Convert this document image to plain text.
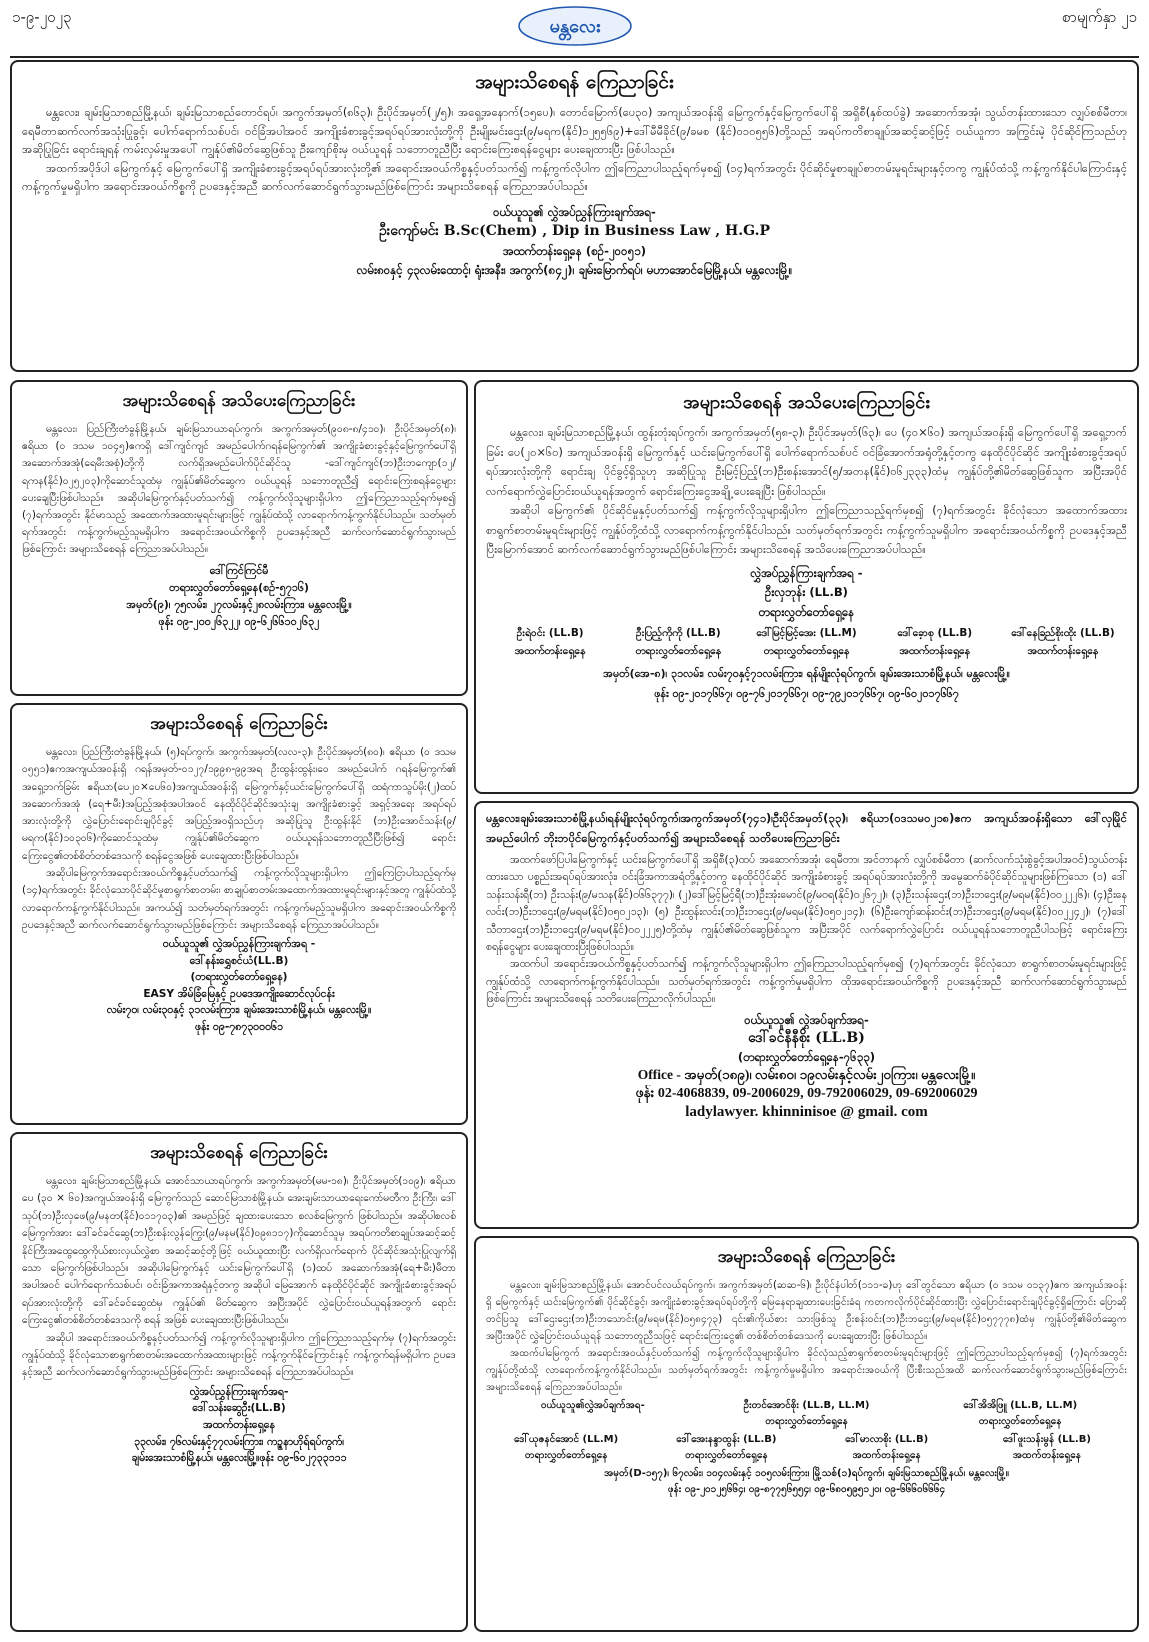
၁-၉-၂၀၂၃	မန္တလေး	စာမျက်နှာ ၂၁
အများသိစေရန် ကြေညာခြင်း

မန္တလေး၊ ချမ်းမြသာစည်မြို့နယ်၊ ချမ်းမြသာစည်တောင်ရပ်၊ အကွက်အမှတ်(၈၆၃)၊ ဦးပိုင်အမှတ်(၂/၅)၊ အရှေ့အနောက်(၁၅ပေ)၊ တောင်မြောက်(ပေ၃၀) အကျယ်အဝန်းရှိ မြေကွက်နှင့်မြေကွက်ပေါ်ရှိ အရှိစီ(နှစ်ထပ်ခွဲ) အဆောက်အအုံ၊ သွယ်တန်းထားသော လျှပ်စစ်မီတာ၊ ရေမီတာဆက်လက်အသုံးပြုခွင့်၊ ပေါက်ရောက်သစ်ပင်၊ ဝင်ခြံအပါအဝင် အကျိုးခံစားခွင့်အရပ်ရပ်အားလုံးတို့ကို ဦးမျိုးမင်းဌေး(၉/မရက(နိုင်)၁၂၅၅၆၉)+ဒေါ်မီမီခိုင်(၉/ခမစ (နိုင်)၀၁၀၅၅၆)တို့သည် အရပ်ကတိစာချုပ်အဆင့်ဆင့်ဖြင့် ဝယ်ယူကာ အကြွင်းမဲ့ ပိုင်ဆိုင်ကြသည်ဟု အဆိုပြုခြင်း ရောင်းချရန် ကမ်းလှမ်းမှုအပေါ် ကျွန်ုပ်၏မိတ်ဆွေဖြစ်သူ ဦးကျော်စိုးမှ ဝယ်ယူရန် သဘောတူညီပြီး ရောင်းကြေးစရန်ငွေများ ပေးချေထားပြီး ဖြစ်ပါသည်။

အထက်အပိုဒ်ပါ မြေကွက်နှင့် မြေကွက်ပေါ်ရှိ အကျိုးခံစားခွင့်အရပ်ရပ်အားလုံးတို့၏ အရောင်းအဝယ်ကိစ္စနှင့်ပတ်သက်၍ ကန့်ကွက်လိုပါက ဤကြေညာပါသည့်ရက်မှစ၍ (၁၄)ရက်အတွင်း ပိုင်ဆိုင်မှုစာချုပ်စာတမ်းမူရင်းများနှင့်တကွ ကျွန်ုပ်ထံသို့ ကန့်ကွက်နိုင်ပါကြောင်းနှင့် ကန့်ကွက်မှုမရှိပါက အရောင်းအဝယ်ကိစ္စကို ဥပဒေနှင့်အညီ ဆက်လက်ဆောင်ရွက်သွားမည်ဖြစ်ကြောင်း အများသိစေရန် ကြေညာအပ်ပါသည်။

ဝယ်ယူသူ၏ လွှဲအပ်ညွှန်ကြားချက်အရ-
ဦးကျော်မင်း B.Sc(Chem) , Dip in Business Law , H.G.P
အထက်တန်းရှေ့နေ (စဉ်-၂၀၀၅၁)
လမ်း၈၀နှင့် ၄၃လမ်းထောင့်၊ ရုံးအနီး၊ အကွက်(၈၄၂)၊ ချမ်းမြောက်ရပ်၊ မဟာအောင်မြေမြို့နယ်၊ မန္တလေးမြို့။
အများသိစေရန် အသိပေးကြေညာခြင်း

မန္တလေး၊ ပြည်ကြီးတံခွန်မြို့နယ်၊ ချမ်းမြသာယာရပ်ကွက်၊ အကွက်အမှတ်(၉၀၈-၈/၄၁၀)၊ ဦးပိုင်အမှတ်(၈)၊ ဧရိယာ (၀ ဒသမ ၁၀၄၅)ဧကရှိ ဒေါ်ကျင်ကျင် အမည်ပေါက်ဂရန်မြေကွက်၏ အကျိုးခံစားခွင့်နှင့်မြေကွက်ပေါ်ရှိ အဆောက်အအုံ(ရေမီးအစုံ)တို့ကို လက်ရှိအမည်ပေါက်ပိုင်ဆိုင်သူ -ဒေါ်ကျင်ကျင်(ဘ)ဦးဘကျော(၁၂/ရကန(နိုင်)၀၂၅၂၀၃)ကိုဆောင်သူထံမှ ကျွန်ုပ်၏မိတ်ဆွေက ဝယ်ယူရန် သဘောတူညီ၍ ရောင်းကြေးစရန်ငွေများ ပေးချေပြီးဖြစ်ပါသည်။ အဆိုပါမြေကွက်နှင့်ပတ်သက်၍ ကန့်ကွက်လိုသူများရှိပါက ဤကြေညာသည့်ရက်မှစ၍ (၇)ရက်အတွင်း နိုင်မာသည့် အထောက်အထားမူရင်းများဖြင့် ကျွန်ုပ်ထံသို့ လာရောက်ကန့်ကွက်နိုင်ပါသည်။ သတ်မှတ်ရက်အတွင်း ကန့်ကွက်မည့်သူမရှိပါက အရောင်းအဝယ်ကိစ္စကို ဥပဒေနှင့်အညီ ဆက်လက်ဆောင်ရွက်သွားမည်ဖြစ်ကြောင်း အများသိစေရန် ကြေညာအပ်ပါသည်။

ဒေါ်ကြင်ကြင်မီ
တရားလွှတ်တော်ရှေ့နေ(စဉ်-၅၇၁၆)
အမှတ်(၉)၊ ၇၅လမ်း၊ ၂၇လမ်းနှင့်၂၈လမ်းကြား၊ မန္တလေးမြို့။
ဖုန်း ၀၉-၂၀၀၂၆၃၂၂၊ ၀၉-၆၂၆၆၁၀၂၆၃၂
အများသိစေရန် အသိပေးကြေညာခြင်း

မန္တလေး၊ ချမ်းမြသာစည်မြို့နယ်၊ ထွန်းတုံးရပ်ကွက်၊ အကွက်အမှတ်(၅၈-၃)၊ ဦးပိုင်အမှတ်(၆၃)၊ ပေ (၄၀×၆၀) အကျယ်အဝန်းရှိ မြေကွက်ပေါ်ရှိ အရှေ့ဘက်ခြမ်း ပေ(၂၀×၆၀) အကျယ်အဝန်းရှိ မြေကွက်နှင့် ယင်းမြေကွက်ပေါ်ရှိ ပေါက်ရောက်သစ်ပင် ဝင်ခြံအောက်အရုံတို့နှင့်တကွ နေထိုင်ပိုင်ဆိုင် အကျိုးခံစားခွင့်အရပ်ရပ်အားလုံးတို့ကို ရောင်းချ ပိုင်ခွင့်ရှိသူဟု အဆိုပြုသူ ဦးမြင့်ပြည့်(ဘ)ဦးစန်းအောင်(၅/အတန(နိုင်)၀၆၂၃၃၃)ထံမှ ကျွန်ုပ်တို့၏မိတ်ဆွေဖြစ်သူက အပြီးအပိုင် လက်ရောက်လွှဲပြောင်းဝယ်ယူရန်အတွက် ရောင်းကြေးငွေအချို့ ပေးချေပြီး ဖြစ်ပါသည်။

အဆိုပါ မြေကွက်၏ ပိုင်ဆိုင်မှုနှင့်ပတ်သက်၍ ကန့်ကွက်လိုသူများရှိပါက ဤကြေညာသည့်ရက်မှစ၍ (၇)ရက်အတွင်း ခိုင်လုံသော အထောက်အထား စာရွက်စာတမ်းမူရင်းများဖြင့် ကျွန်ုပ်တို့ထံသို့ လာရောက်ကန့်ကွက်နိုင်ပါသည်။ သတ်မှတ်ရက်အတွင်း ကန့်ကွက်သူမရှိပါက အရောင်းအဝယ်ကိစ္စကို ဥပဒေနှင့်အညီ ပြီးမြောက်အောင် ဆက်လက်ဆောင်ရွက်သွားမည်ဖြစ်ပါကြောင်း အများသိစေရန် အသိပေးကြေညာအပ်ပါသည်။

လွှဲအပ်ညွှန်ကြားချက်အရ -
ဦးလှဘုန်း (LL.B)
တရားလွှတ်တော်ရှေ့နေ
ဦးရဲဝင်း (LL.B)
အထက်တန်းရှေ့နေ
ဦးပြည့်ကိုကို (LL.B)
တရားလွှတ်တော်ရှေ့နေ
ဒေါ်မြင့်မြင့်အေး (LL.M)
တရားလွှတ်တော်ရှေ့နေ
ဒေါ်ခေ့ာစု (LL.B)
အထက်တန်းရှေ့နေ
ဒေါ်နေခြည်စိုးထိုး (LL.B)
အထက်တန်းရှေ့နေ
အမှတ်(အေ-၈)၊ ၃၁လမ်း၊ လမ်း၇၀နှင့်၇၁လမ်းကြား၊ ရန်မျိုးလုံရပ်ကွက်၊ ချမ်းအေးသာစံမြို့နယ်၊ မန္တလေးမြို့။
ဖုန်း ၀၉-၂၀၁၇၆၆၇၊ ၀၉-၇၆၂၀၁၇၆၆၇၊ ၀၉-၇၉၂၀၁၇၆၆၇၊ ၀၉-၆၀၂၀၁၇၆၆၇
အများသိစေရန် ကြေညာခြင်း

မန္တလေး၊ ပြည်ကြီးတံခွန်မြို့နယ်၊ (၅)ရပ်ကွက်၊ အကွက်အမှတ်(လလ-၃)၊ ဦးပိုင်အမှတ်(၈၀)၊ ဧရိယာ (၀ ဒသမ ၀၅၅၁)ဧကအကျယ်အဝန်းရှိ ဂရန်အမှတ်-၀၁၂၇/၁၉၉၈-၉၉အရ ဦးထွန်းထွန်း၊ဝေ အမည်ပေါက် ဂရန်မြေကွက်၏ အရှေ့ဘက်ခြမ်း ဧရိယာ(ပေ၂၀×ပေ၆၀)အကျယ်အဝန်းရှိ မြေကွက်နှင့်ယင်းမြေကွက်ပေါ်ရှိ ထရံကာသွပ်မိုး(၂)ထပ် အဆောက်အအုံ (ရေ+မီး)အပြည့်အစုံအပါအဝင် နေထိုင်ပိုင်ဆိုင်အသုံးချ အကျိုးခံစားခွင့် အရှင့်အရေး အရပ်ရပ်အားလုံးတို့ကို လွှဲပြောင်းရောင်းချပိုင်ခွင့် အပြည့်အဝရှိသည်ဟု အဆိုပြုသူ ဦးထွန်းနိုင် (ဘ)ဦးအောင်သန်း(၉/မရက(နိုင်)၁၀၃၀၆)ကိုဆောင်သူထံမှ ကျွန်ုပ်၏မိတ်ဆွေက ဝယ်ယူရန်သဘောတူညီပြီးဖြစ်၍ ရောင်းကြေးငွေ၏တစ်စိတ်တစ်ဒေသကို စရန်ငွေအဖြစ် ပေးချေထားပြီးဖြစ်ပါသည်။

အဆိုပါမြေကွက်အရောင်းအဝယ်ကိစ္စနှင့်ပတ်သက်၍ ကန့်ကွက်လိုသူများရှိပါက ဤကြေငြာပါသည့်ရက်မှ (၁၄)ရက်အတွင်း ခိုင်လုံသောပိုင်ဆိုင်မှုစာရွက်စာတမ်း၊ စာချုပ်စာတမ်းအထောက်အထားမူရင်းများနှင့်အတူ ကျွန်ုပ်ထံသို့ လာရောက်ကန့်ကွက်နိုင်ပါသည်။ အကယ်၍ သတ်မှတ်ရက်အတွင်း ကန့်ကွက်မည့်သူမရှိပါက အရောင်းအဝယ်ကိစ္စကို ဥပဒေနှင့်အညီ ဆက်လက်ဆောင်ရွက်သွားမည်ဖြစ်ကြောင်း အများသိစေရန် ကြေညာအပ်ပါသည်။

ဝယ်ယူသူ၏ လွှဲအပ်ညွှန်ကြားချက်အရ -
ဒေါ်နန်းရွှေစင်ယံ(LL.B)
(တရားလွှတ်တော်ရှေ့နေ)
EASY အိမ်ခြံမြေနှင့် ဥပဒေအကျိုးဆောင်လုပ်ငန်း
လမ်း၇၀၊ လမ်း၃၀နှင့် ၃၁လမ်းကြား၊ ချမ်းအေးသာစံမြို့နယ်၊ မန္တလေးမြို့။
ဖုန်း ၀၉-၇၈၇၃၀၀၀၆၁
မန္တလေး၊ချမ်းအေးသာစံမြို့နယ်၊ရန်မျိုးလုံရပ်ကွက်၊အကွက်အမှတ်(၇၄၁)၊ဦးပိုင်အမှတ်(၃၃)၊ ဧရိယာ(၀ဒသမ၀၂၁၈)ဧက အကျယ်အဝန်းရှိသော ဒေါ်လှမြိုင် အမည်ပေါက် ဘိုးဘပိုင်မြေကွက်နှင့်ပတ်သက်၍ အများသိစေရန် သတိပေးကြေညာခြင်း

အထက်ဖော်ပြပါမြေကွက်နှင့် ယင်းမြေကွက်ပေါ်ရှိ အရှိစီ(၃)ထပ် အဆောက်အအုံ၊ ရေမီတာ၊ အင်တာနက် လျှပ်စစ်မီတာ (ဆက်လက်သုံးစွဲခွင့်အပါအဝင်)သွယ်တန်းထားသော ပစ္စည်းအရပ်ရပ်အားလုံး၊ ဝင်းခြံအကာအရံတို့နှင့်တကွ နေထိုင်ပိုင်ဆိုင် အကျိုးခံစားခွင့် အရပ်ရပ်အားလုံးတို့ကို အမွေဆက်ခံပိုင်ဆိုင်သူများဖြစ်ကြသော (၁) ဒေါ်သန်းသန်းရီ(ဘ) ဦးသန်း(၉/မသန(နိုင်)၀၆၆၃၇၇)၊ (၂)ဒေါ်မြင့်မြင့်ရီ(ဘ)ဦးအုံးမောင်(၉/မဝရ(နိုင်)၀၂၆၇၂)၊ (၃)ဦးသန်းဌေး(ဘ)ဦးဘဌေး(၉/မရမ(နိုင်)၀၀၂၂၂၆)၊ (၄)ဦးနေလင်း(ဘ)ဦးဘဌေး(၉/မရမ(နိုင်)၀၅၀၂၁၃)၊ (၅) ဦးထွန်းလင်း(ဘ)ဦးဘဌေး(၉/မရမ(နိုင်)၀၅၀၂၁၄)၊ (၆)ဦးကျော်ဆန်းဝင်း(ဘ)ဦးဘဌေး(၉/မရမ(နိုင်)၀၀၂၂၄၂)၊ (၇)ဒေါ်သီတာဌေး(ဘ)ဦးဘဌေး(၉/မရမ(နိုင်)၀၀၂၂၂၅)တို့ထံမှ ကျွန်ုပ်၏မိတ်ဆွေဖြစ်သူက အပြီးအပိုင် လက်ရောက်လွှဲပြောင်း ဝယ်ယူရန်သဘောတူညီပါသဖြင့် ရောင်းကြေးစရန်ငွေများ ပေးချေထားပြီးဖြစ်ပါသည်။

အထက်ပါ အရောင်းအဝယ်ကိစ္စနှင့်ပတ်သက်၍ ကန့်ကွက်လိုသူများရှိပါက ဤကြေညာပါသည့်ရက်မှစ၍ (၇)ရက်အတွင်း ခိုင်လုံသော စာရွက်စာတမ်းမူရင်းများဖြင့် ကျွန်ုပ်ထံသို့ လာရောက်ကန့်ကွက်နိုင်ပါသည်။ သတ်မှတ်ရက်အတွင်း ကန့်ကွက်မှုမရှိပါက ထိုအရောင်းအဝယ်ကိစ္စကို ဥပဒေနှင့်အညီ ဆက်လက်ဆောင်ရွက်သွားမည်ဖြစ်ကြောင်း အများသိစေရန် သတိပေးကြေညာလိုက်ပါသည်။

ဝယ်ယူသူ၏ လွှဲအပ်ချက်အရ-
ဒေါ်ခင်နီနီစိုး (LL.B)
(တရားလွှတ်တော်ရှေ့နေ-၇၆၃၃)
Office - အမှတ်(၁၈၉)၊ လမ်း၈၀၊ ၁၉လမ်းနှင့်လမ်း၂၀ကြား၊ မန္တလေးမြို့။
ဖုန်း 02-4068839, 09-2006029, 09-792006029, 09-692006029
ladylawyer. khinninisoe @ gmail. com
အများသိစေရန် ကြေညာခြင်း

မန္တလေး၊ ချမ်းမြသာစည်မြို့နယ်၊ အောင်သာယာရပ်ကွက်၊ အကွက်အမှတ်(မမ-၁၈)၊ ဦးပိုင်အမှတ်(၁၀၉)၊ ဧရိယာ ပေ (၃၀ × ၆၀)အကျယ်အဝန်းရှိ မြေကွက်သည် ဆောင်မြသာစံမြို့နယ်၊ အေးချမ်းသာယာရေးကော်မတီက ဦးကြီး၊ ဒေါ်သုပ်(ဘ)ဦးလှဖေ(၉/မနတ(နိုင်)၀၁၁၇၀၃)၏ အမည်ဖြင့် ချထားပေးသော စလစ်မြေကွက် ဖြစ်ပါသည်။ အဆိုပါစလစ်မြေကွက်အား ဒေါ်ခင်ခင်ဆွေ(ဘ)ဦးစန်းလွန်ကြွေး(၉/မနမ(နိုင်)၀၉၈၁၁၇)ကိုဆောင်သူမှ အရပ်ကတိစာချုပ်အဆင့်ဆင့် နိုင်ကြီးအထွေထွေကိုယ်စားလှယ်လွှဲစာ အဆင့်ဆင့်တို့ဖြင့် ဝယ်ယူထားပြီး လက်ရှိလက်ရောက် ပိုင်ဆိုင်အသုံးပြုလျက်ရှိသော မြေကွက်ဖြစ်ပါသည်။ အဆိုပါမြေကွက်နှင့် ယင်းမြေကွက်ပေါ်ရှိ (၁)ထပ် အဆောက်အအုံ(ရေ+မီး)မီတာအပါအဝင် ပေါက်ရောက်သစ်ပင်၊ ဝင်းခြံအကာအရံနှင့်တကွ အဆိုပါ မြေအောက် နေထိုင်ပိုင်ဆိုင် အကျိုးခံစားခွင့်အရပ်ရပ်အားလုံးတို့ကို ဒေါ်ခင်ခင်ဆွေထံမှ ကျွန်ုပ်၏ မိတ်ဆွေက အပြီးအပိုင် လွှဲပြောင်းဝယ်ယူရန်အတွက် ရောင်းကြေးငွေ၏တစ်စိတ်တစ်ဒေသကို စရန် အဖြစ် ပေးချေထားပြီးဖြစ်ပါသည်။

အဆိုပါ အရောင်းအဝယ်ကိစ္စနှင့်ပတ်သက်၍ ကန့်ကွက်လိုသူများရှိပါက ဤကြေညာသည့်ရက်မှ (၇)ရက်အတွင်း ကျွန်ုပ်ထံသို့ ခိုင်လုံသောစာရွက်စာတမ်းအထောက်အထားများဖြင့် ကန့်ကွက်နိုင်ကြောင်းနှင့် ကန့်ကွက်ရန်မရှိပါက ဥပဒေနှင့်အညီ ဆက်လက်ဆောင်ရွက်သွားမည်ဖြစ်ကြောင်း အများသိစေရန် ကြေညာအပ်ပါသည်။

လွှဲအပ်ညွှန်ကြားချက်အရ-
ဒေါ်သန်းဆွေဦး(LL.B)
အထက်တန်းရှေ့နေ
၃၃လမ်း၊ ၇၆လမ်းနှင့်၇၇လမ်းကြား၊ ကဥ္စနာဟိုရ်ရပ်ကွက်၊
ချမ်းအေးသာစံမြို့နယ်၊ မန္တလေးမြို့။ဖုန်း ၀၉-၆၀၂၇၃၃၁၁၁
အများသိစေရန် ကြေညာခြင်း

မန္တလေး၊ ချမ်းမြသာစည်မြို့နယ်၊ အောင်ပင်လယ်ရပ်ကွက်၊ အကွက်အမှတ်(ဆဆ-၆)၊ ဦးပိုင်နံပါတ်(၁၁၁-ခ)ဟု ဒေါ်တွင်သော ဧရိယာ (၀ ဒသမ ၀၁၃၇)ဧက အကျယ်အဝန်းရှိ မြေကွက်နှင့် ယင်းမြေကွက်၏ ပိုင်ဆိုင်ခွင့်၊ အကျိုးခံစားခွင့်အရပ်ရပ်တို့ကို မြေနေရာချထားပေးခြင်းခံရ ကတကလိုက်ပိုင်ဆိုင်ထားပြီး လွှဲပြောင်းရောင်းချပိုင်ခွင့်ရှိကြောင်း ပြောဆိုတင်ပြသူ ဒေါ်ဌေးဌေး(ဘ)ဦးဘသောင်း(၉/မရမ(နိုင်)၀၅၈၄၇၃) ၎င်း၏ကိုယ်စား သားဖြစ်သူ ဦးစန်းဝင်း(ဘ)ဦးဘဌေး(၉/မရမ(နိုင်)၀၅၇၇၇၈)ထံမှ ကျွန်ုပ်တို့၏မိတ်ဆွေက အပြီးအပိုင် လွှဲပြောင်းဝယ်ယူရန် သဘောတူညီသဖြင့် ရောင်းကြေးငွေ၏ တစ်စိတ်တစ်ဒေသကို ပေးချေထားပြီး ဖြစ်ပါသည်။

အထက်ပါမြေကွက် အရောင်းအဝယ်နှင့်ပတ်သက်၍ ကန့်ကွက်လိုသူများရှိပါက ခိုင်လုံသည့်စာရွက်စာတမ်းမူရင်းများဖြင့် ဤကြေညာပါသည့်ရက်မှစ၍ (၇)ရက်အတွင်း ကျွန်ုပ်တို့ထံသို့ လာရောက်ကန့်ကွက်နိုင်ပါသည်။ သတ်မှတ်ရက်အတွင်း ကန့်ကွက်မှုမရှိပါက အရောင်းအဝယ်ကို ပြီးစီးသည်အထိ ဆက်လက်ဆောင်ရွက်သွားမည်ဖြစ်ကြောင်း အများသိစေရန် ကြေညာအပ်ပါသည်။

ဝယ်ယူသူ၏လွှဲအပ်ချက်အရ-	ဦးတင်အောင်စိုး (LL.B, LL.M)
တရားလွှတ်တော်ရှေ့နေ
ဒေါ်အိအိဖြူ (LL.B, LL.M)
တရားလွှတ်တော်ရှေ့နေ
ဒေါ်ယုဇနင်အောင် (LL.M)
တရားလွှတ်တော်ရှေ့နေ
ဒေါ်အေးနန္ဒာထွန်း (LL.B)
တရားလွှတ်တော်ရှေ့နေ
ဒေါ်မာလာစိုး (LL.B)
အထက်တန်းရှေ့နေ
ဒေါ်ဖူးသန်းမွန် (LL.B)
အထက်တန်းရှေ့နေ
အမှတ်(D-၁၅၇)၊ ၆၇လမ်း၊ ၁၀၄လမ်းနှင့် ၁၀၅လမ်းကြား၊ မြို့သစ်(၁)ရပ်ကွက်၊ ချမ်းမြသာစည်မြို့နယ်၊ မန္တလေးမြို့။
ဖုန်း ၀၉-၂၀၁၂၅၆၆၄၊ ၀၉-၈၇၇၅၆၅၅၄၊ ၀၉-၆၈၀၅၉၅၁၂၀၊ ၀၉-၆၆၆၀၆၆၆၄
